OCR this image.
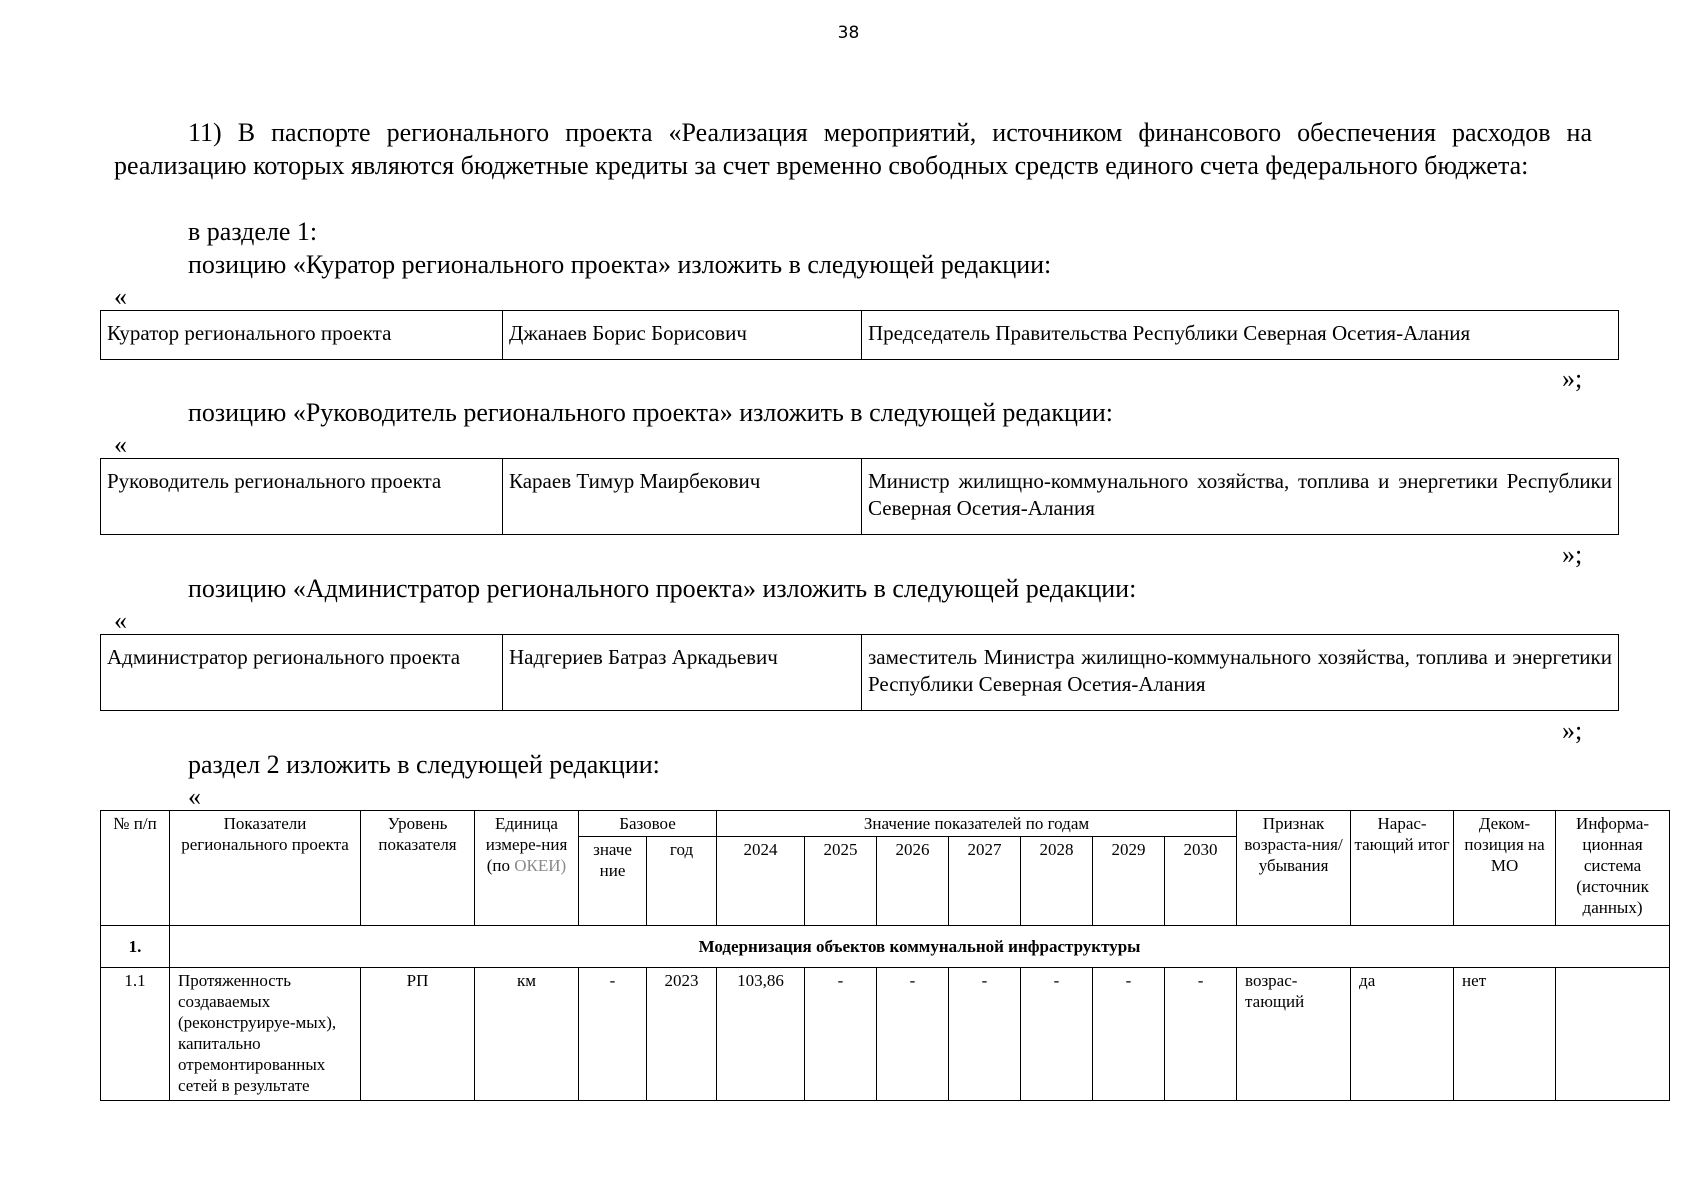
38

11) В паспорте регионального проекта «Реализация мероприятий, источником финансового обеспечения расходов на реализацию которых являются бюджетные кредиты за счет временно свободных средств единого счета федерального бюджета:

в разделе 1:
позицию «Куратор регионального проекта» изложить в следующей редакции:
«
Куратор регионального проекта	Джанаев Борис Борисович	Председатель Правительства Республики Северная Осетия-Алания
»;
позицию «Руководитель регионального проекта» изложить в следующей редакции:
«
Руководитель регионального проекта	Караев Тимур Маирбекович	Министр жилищно-коммунального хозяйства, топлива и энергетики Республики Северная Осетия-Алания
»;
позицию «Администратор регионального проекта» изложить в следующей редакции:
«
Администратор регионального проекта	Надгериев Батраз Аркадьевич	заместитель Министра жилищно-коммунального хозяйства, топлива и энергетики Республики Северная Осетия-Алания
»;
раздел 2 изложить в следующей редакции:
«
№ п/п	Показатели регионального проекта	Уровень показателя	Единица измере-ния (по ОКЕИ)	Базовое		Значение показателей по годам							Признак возраста-ния/ убывания	Нарас-тающий итог	Деком-позиция на МО	Информа-ционная система (источник данных)
				значе ние	год	2024	2025	2026	2027	2028	2029	2030				
1.	Модернизация объектов коммунальной инфраструктуры															
1.1	Протяженность создаваемых (реконструируе-мых), капитально отремонтированных сетей в результате	РП	км	-	2023	103,86	-	-	-	-	-	-	возрас-тающий	да	нет	
